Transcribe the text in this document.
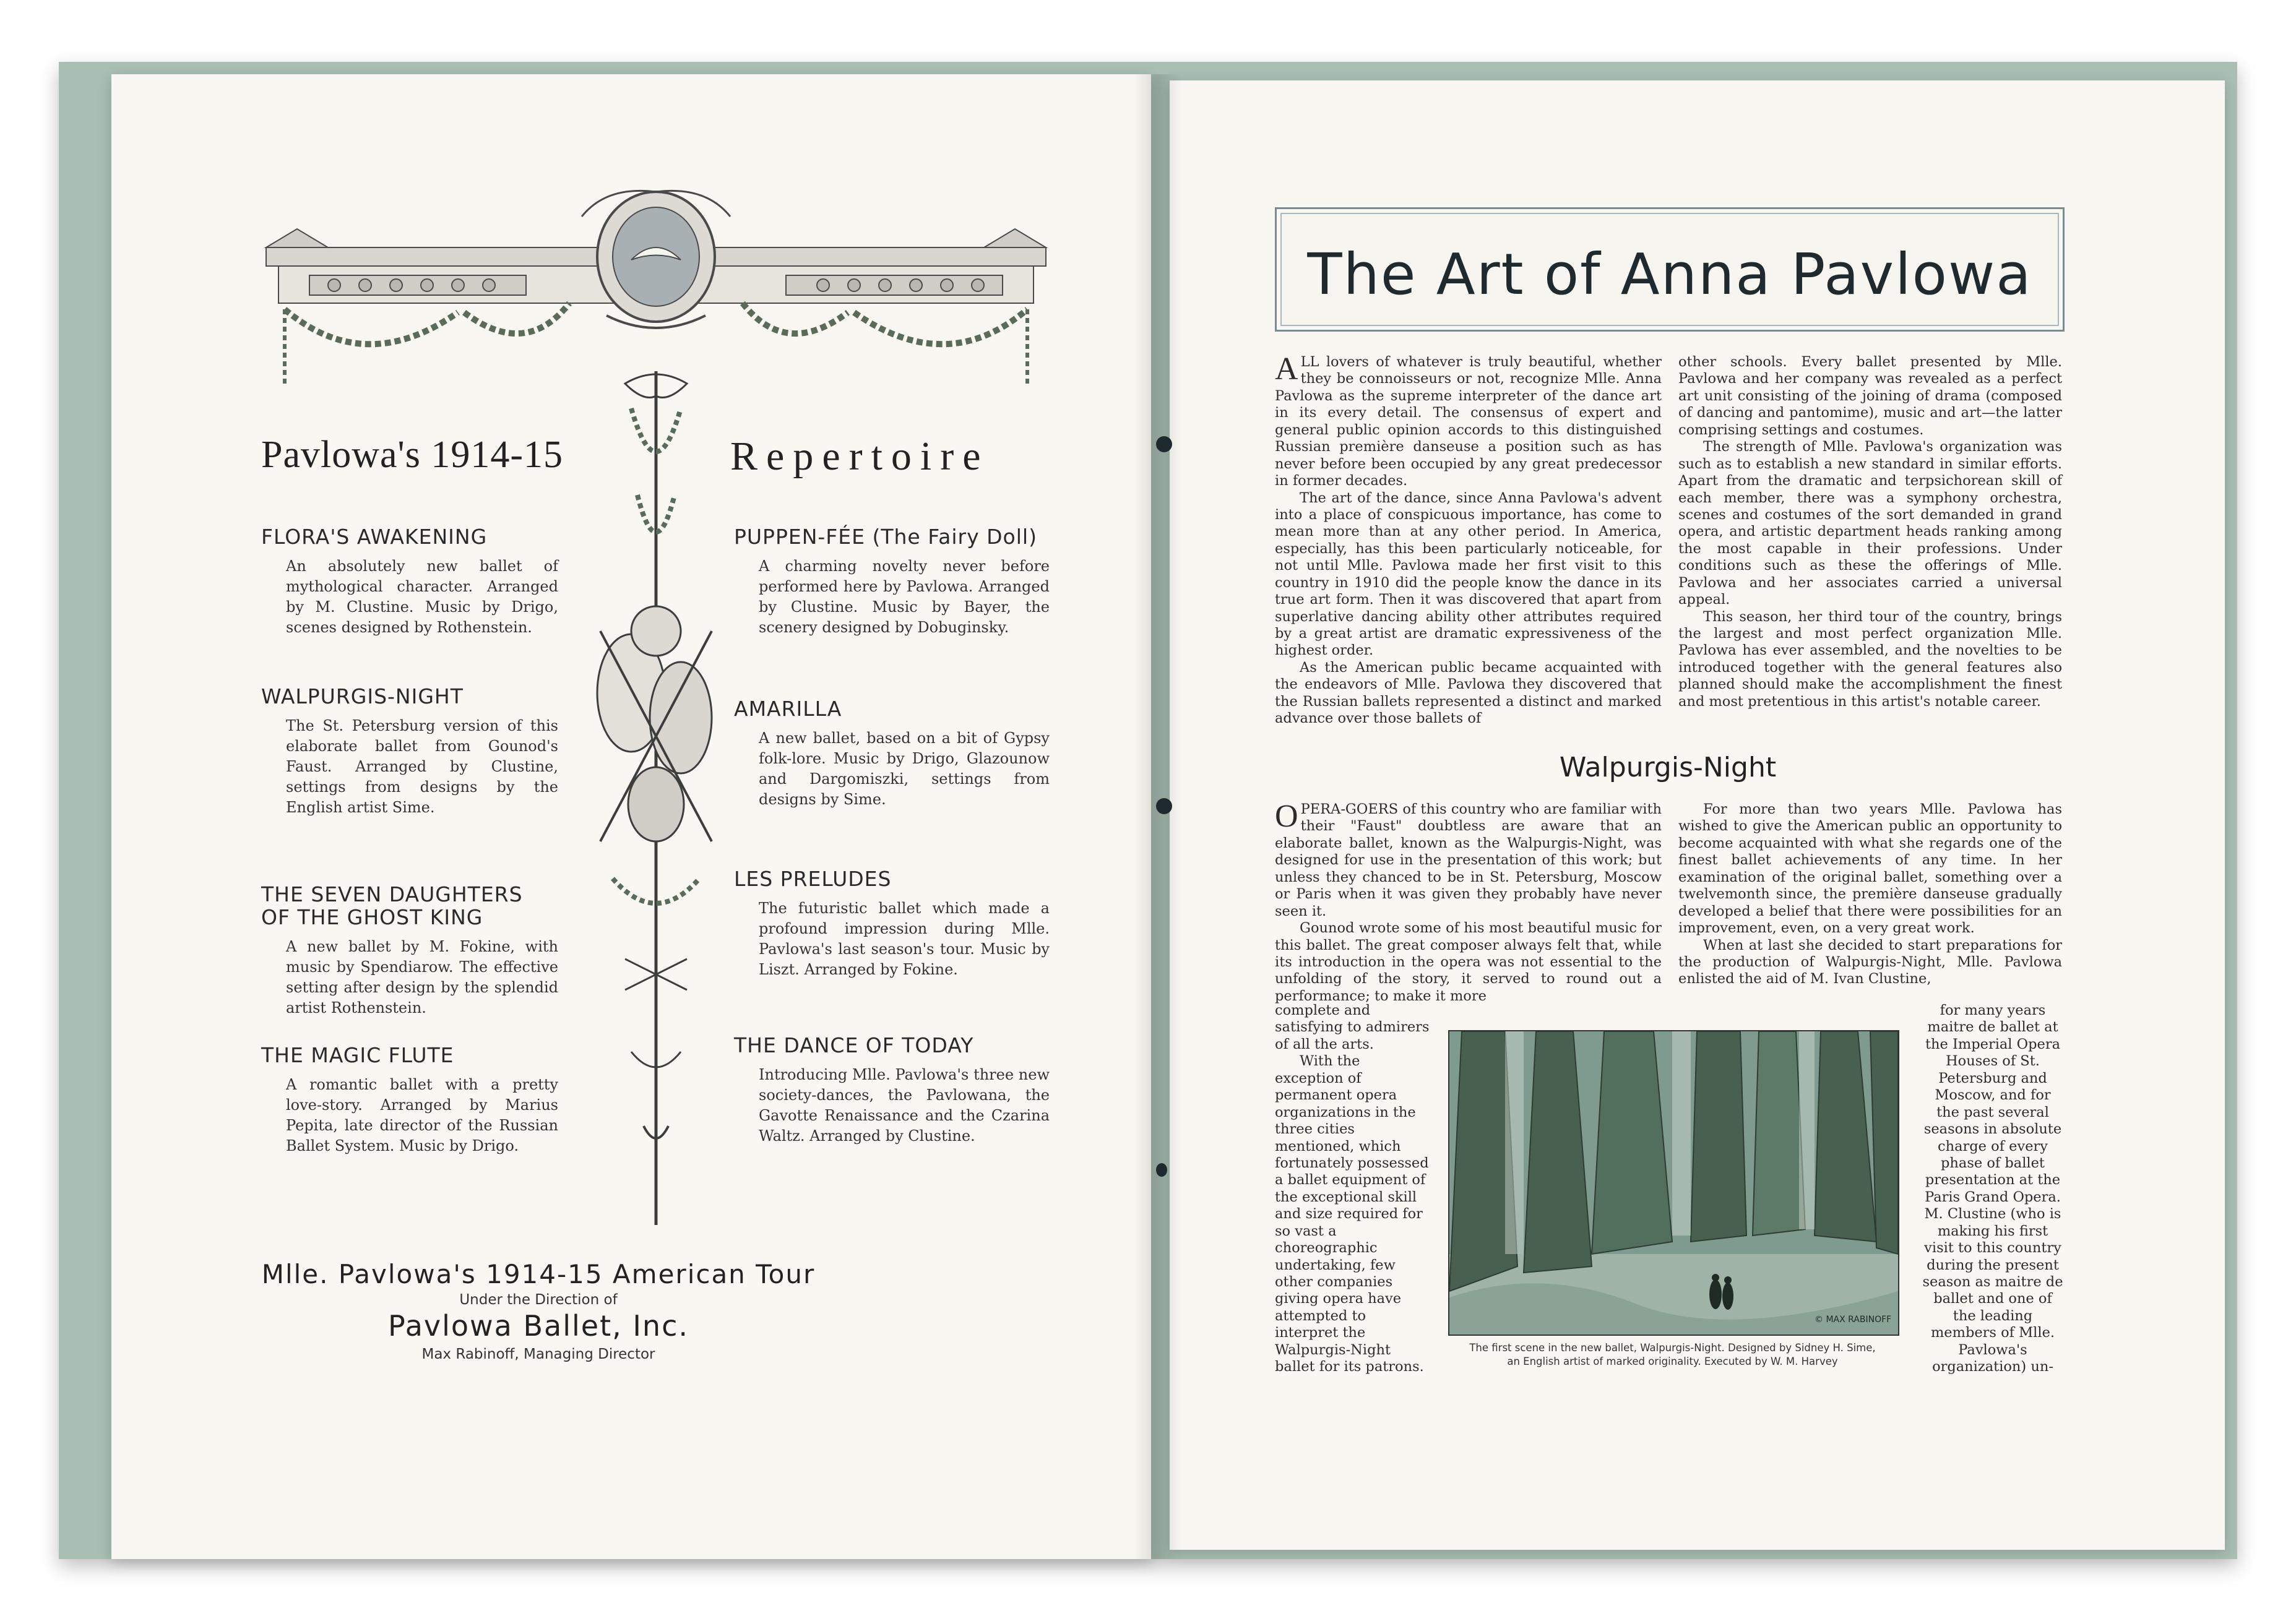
Pavlowa's 1914-15	Repertoire
FLORA'S AWAKENING
An absolutely new ballet of mythological character. Arranged by M. Clustine. Music by Drigo, scenes designed by Rothenstein.
WALPURGIS-NIGHT
The St. Petersburg version of this elaborate ballet from Gounod's Faust. Arranged by Clustine, settings from designs by the English artist Sime.
THE SEVEN DAUGHTERS OF THE GHOST KING
A new ballet by M. Fokine, with music by Spendiarow. The effective setting after design by the splendid artist Rothenstein.
THE MAGIC FLUTE
A romantic ballet with a pretty love-story. Arranged by Marius Pepita, late director of the Russian Ballet System. Music by Drigo.
PUPPEN-FÉE (The Fairy Doll)
A charming novelty never before performed here by Pavlowa. Arranged by Clustine. Music by Bayer, the scenery designed by Dobuginsky.
AMARILLA
A new ballet, based on a bit of Gypsy folk-lore. Music by Drigo, Glazounow and Dargomiszki, settings from designs by Sime.
LES PRELUDES
The futuristic ballet which made a profound impression during Mlle. Pavlowa's last season's tour. Music by Liszt. Arranged by Fokine.
THE DANCE OF TODAY
Introducing Mlle. Pavlowa's three new society-dances, the Pavlowana, the Gavotte Renaissance and the Czarina Waltz. Arranged by Clustine.
Mlle. Pavlowa's 1914-15 American Tour
Under the Direction of
Pavlowa Ballet, Inc.
Max Rabinoff, Managing Director
The Art of Anna Pavlowa

ALL lovers of whatever is truly beautiful, whether they be connoisseurs or not, recognize Mlle. Anna Pavlowa as the supreme interpreter of the dance art in its every detail. The consensus of expert and general public opinion accords to this distinguished Russian première danseuse a position such as has never before been occupied by any great predecessor in former decades.

The art of the dance, since Anna Pavlowa's advent into a place of conspicuous importance, has come to mean more than at any other period. In America, especially, has this been particularly noticeable, for not until Mlle. Pavlowa made her first visit to this country in 1910 did the people know the dance in its true art form. Then it was discovered that apart from superlative dancing ability other attributes required by a great artist are dramatic expressiveness of the highest order.

As the American public became acquainted with the endeavors of Mlle. Pavlowa they discovered that the Russian ballets represented a distinct and marked advance over those ballets of

other schools. Every ballet presented by Mlle. Pavlowa and her company was revealed as a perfect art unit consisting of the joining of drama (composed of dancing and pantomime), music and art—the latter comprising settings and costumes.

The strength of Mlle. Pavlowa's organization was such as to establish a new standard in similar efforts. Apart from the dramatic and terpsichorean skill of each member, there was a symphony orchestra, scenes and costumes of the sort demanded in grand opera, and artistic department heads ranking among the most capable in their professions. Under conditions such as these the offerings of Mlle. Pavlowa and her associates carried a universal appeal.

This season, her third tour of the country, brings the largest and most perfect organization Mlle. Pavlowa has ever assembled, and the novelties to be introduced together with the general features also planned should make the accomplishment the finest and most pretentious in this artist's notable career.

Walpurgis-Night

OPERA-GOERS of this country who are familiar with their "Faust" doubtless are aware that an elaborate ballet, known as the Walpurgis-Night, was designed for use in the presentation of this work; but unless they chanced to be in St. Petersburg, Moscow or Paris when it was given they probably have never seen it.

Gounod wrote some of his most beautiful music for this ballet. The great composer always felt that, while its introduction in the opera was not essential to the unfolding of the story, it served to round out a performance; to make it more

complete and satisfying to admirers of all the arts.

With the exception of permanent opera organizations in the three cities mentioned, which fortunately possessed a ballet equipment of the exceptional skill and size required for so vast a choreographic undertaking, few other companies giving opera have attempted to interpret the Walpurgis-Night ballet for its patrons.

For more than two years Mlle. Pavlowa has wished to give the American public an opportunity to become acquainted with what she regards one of the finest ballet achievements of any time. In her examination of the original ballet, something over a twelvemonth since, the première danseuse gradually developed a belief that there were possibilities for an improvement, even, on a very great work.

When at last she decided to start preparations for the production of Walpurgis-Night, Mlle. Pavlowa enlisted the aid of M. Ivan Clustine,

for many years maitre de ballet at the Imperial Opera Houses of St. Petersburg and Moscow, and for the past several seasons in absolute charge of every phase of ballet presentation at the Paris Grand Opera.

M. Clustine (who is making his first visit to this country during the present season as maitre de ballet and one of the leading members of Mlle. Pavlowa's organization) un-

© MAX RABINOFF
The first scene in the new ballet, Walpurgis-Night. Designed by Sidney H. Sime,
an English artist of marked originality. Executed by W. M. Harvey
